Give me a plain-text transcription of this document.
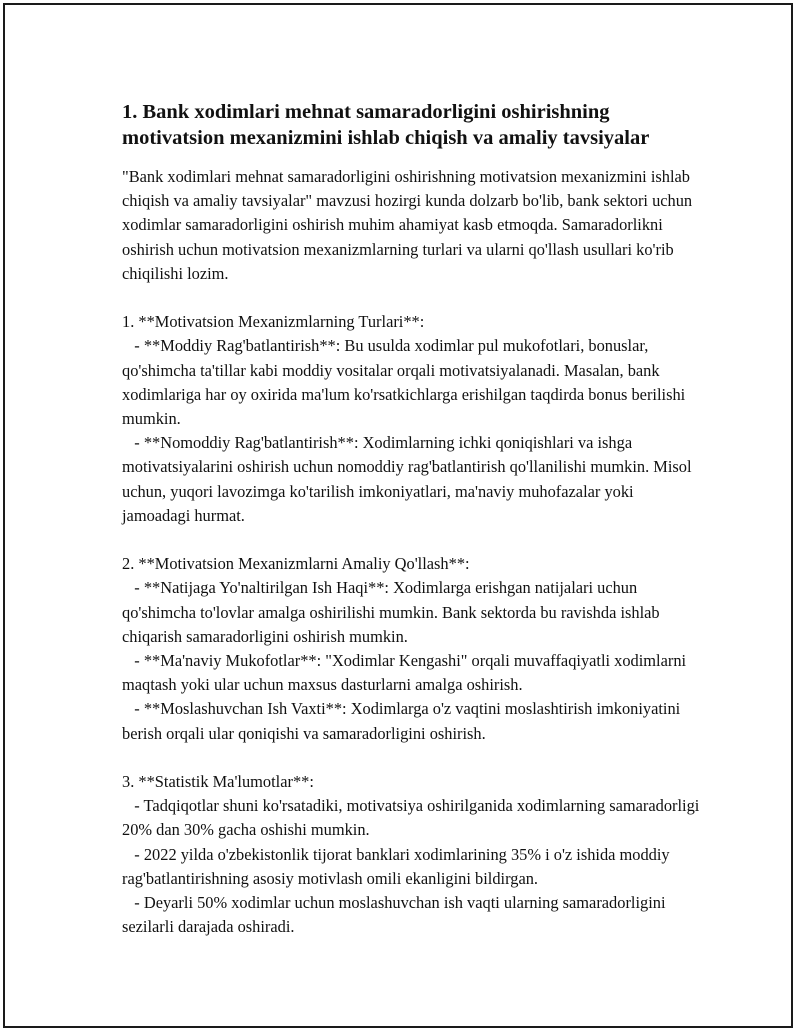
1. Bank xodimlari mehnat samaradorligini oshirishning motivatsion mexanizmini ishlab chiqish va amaliy tavsiyalar

"Bank xodimlari mehnat samaradorligini oshirishning motivatsion mexanizmini ishlab chiqish va amaliy tavsiyalar" mavzusi hozirgi kunda dolzarb bo'lib, bank sektori uchun xodimlar samaradorligini oshirish muhim ahamiyat kasb etmoqda. Samaradorlikni oshirish uchun motivatsion mexanizmlarning turlari va ularni qo'llash usullari ko'rib chiqilishi lozim.

1. **Motivatsion Mexanizmlarning Turlari**:
- **Moddiy Rag'batlantirish**: Bu usulda xodimlar pul mukofotlari, bonuslar, qo'shimcha ta'tillar kabi moddiy vositalar orqali motivatsiyalanadi. Masalan, bank xodimlariga har oy oxirida ma'lum ko'rsatkichlarga erishilgan taqdirda bonus berilishi mumkin.
- **Nomoddiy Rag'batlantirish**: Xodimlarning ichki qoniqishlari va ishga motivatsiyalarini oshirish uchun nomoddiy rag'batlantirish qo'llanilishi mumkin. Misol uchun, yuqori lavozimga ko'tarilish imkoniyatlari, ma'naviy muhofazalar yoki jamoadagi hurmat.
2. **Motivatsion Mexanizmlarni Amaliy Qo'llash**:
- **Natijaga Yo'naltirilgan Ish Haqi**: Xodimlarga erishgan natijalari uchun qo'shimcha to'lovlar amalga oshirilishi mumkin. Bank sektorda bu ravishda ishlab chiqarish samaradorligini oshirish mumkin.
- **Ma'naviy Mukofotlar**: "Xodimlar Kengashi" orqali muvaffaqiyatli xodimlarni maqtash yoki ular uchun maxsus dasturlarni amalga oshirish.
- **Moslashuvchan Ish Vaxti**: Xodimlarga o'z vaqtini moslashtirish imkoniyatini berish orqali ular qoniqishi va samaradorligini oshirish.
3. **Statistik Ma'lumotlar**:
- Tadqiqotlar shuni ko'rsatadiki, motivatsiya oshirilganida xodimlarning samaradorligi 20% dan 30% gacha oshishi mumkin.
- 2022 yilda o'zbekistonlik tijorat banklari xodimlarining 35% i o'z ishida moddiy rag'batlantirishning asosiy motivlash omili ekanligini bildirgan.
- Deyarli 50% xodimlar uchun moslashuvchan ish vaqti ularning samaradorligini sezilarli darajada oshiradi.
